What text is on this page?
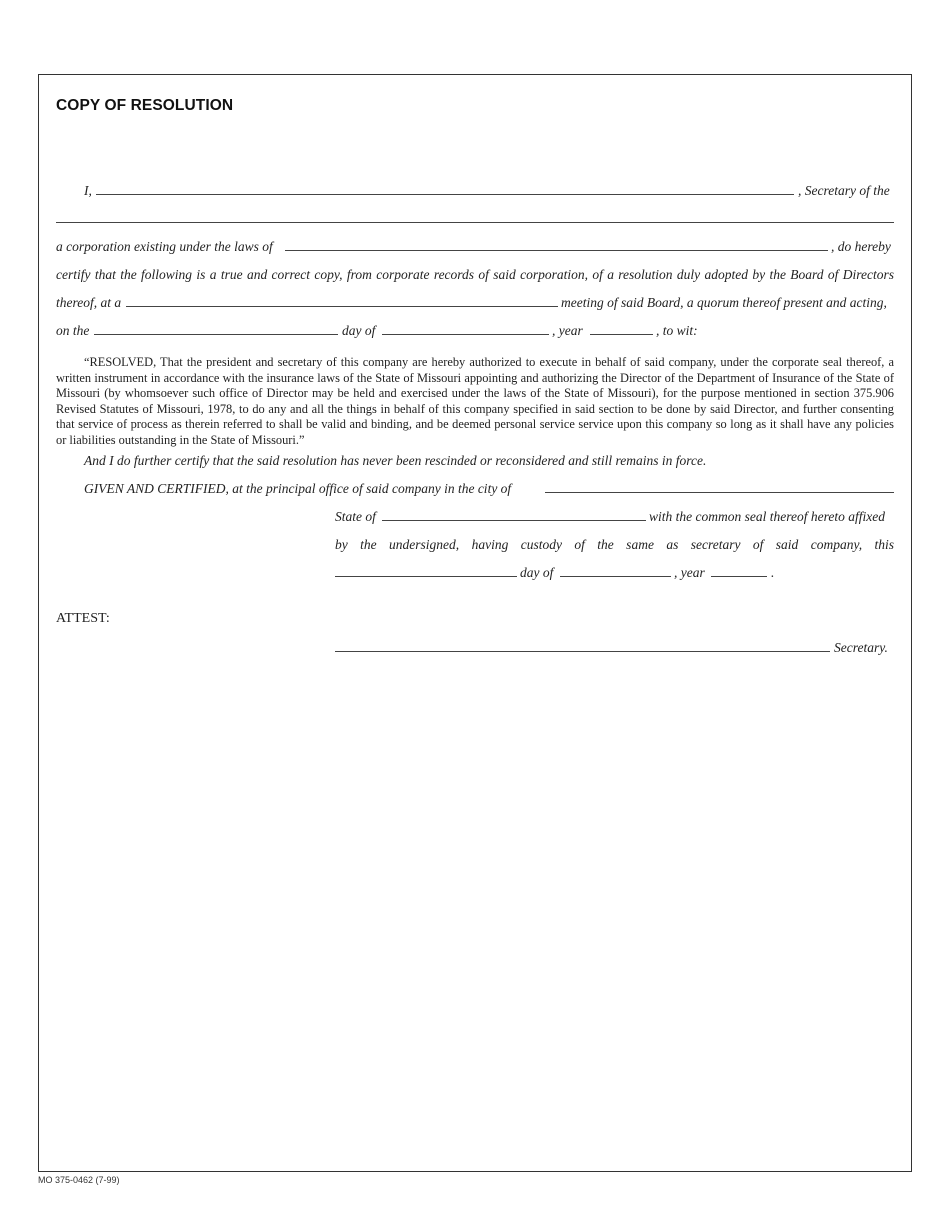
COPY OF RESOLUTION
I,	, Secretary of the
a corporation existing under the laws of	, do hereby
certify that the following is a true and correct copy, from corporate records of said corporation, of a resolution duly adopted by the Board of Directors
thereof, at a	meeting of said Board, a quorum thereof present and acting,
on the	day of	, year	, to wit:
“RESOLVED, That the president and secretary of this company are hereby authorized to execute in behalf of said company, under the corporate seal thereof, a written instrument in accordance with the insurance laws of the State of Missouri appointing and authorizing the Director of the Department of Insurance of the State of Missouri (by whomsoever such office of Director may be held and exercised under the laws of the State of Missouri), for the purpose mentioned in section 375.906 Revised Statutes of Missouri, 1978, to do any and all the things in behalf of this company specified in said section to be done by said Director, and further consenting that service of process as therein referred to shall be valid and binding, and be deemed personal service service upon this company so long as it shall have any policies or liabilities outstanding in the State of Missouri.”
And I do further certify that the said resolution has never been rescinded or reconsidered and still remains in force.
GIVEN AND CERTIFIED, at the principal office of said company in the city of
State of	with the common seal thereof hereto affixed
by the undersigned, having custody of the same as secretary of said company, this
day of	, year	.
ATTEST:
Secretary.
MO 375-0462 (7-99)
